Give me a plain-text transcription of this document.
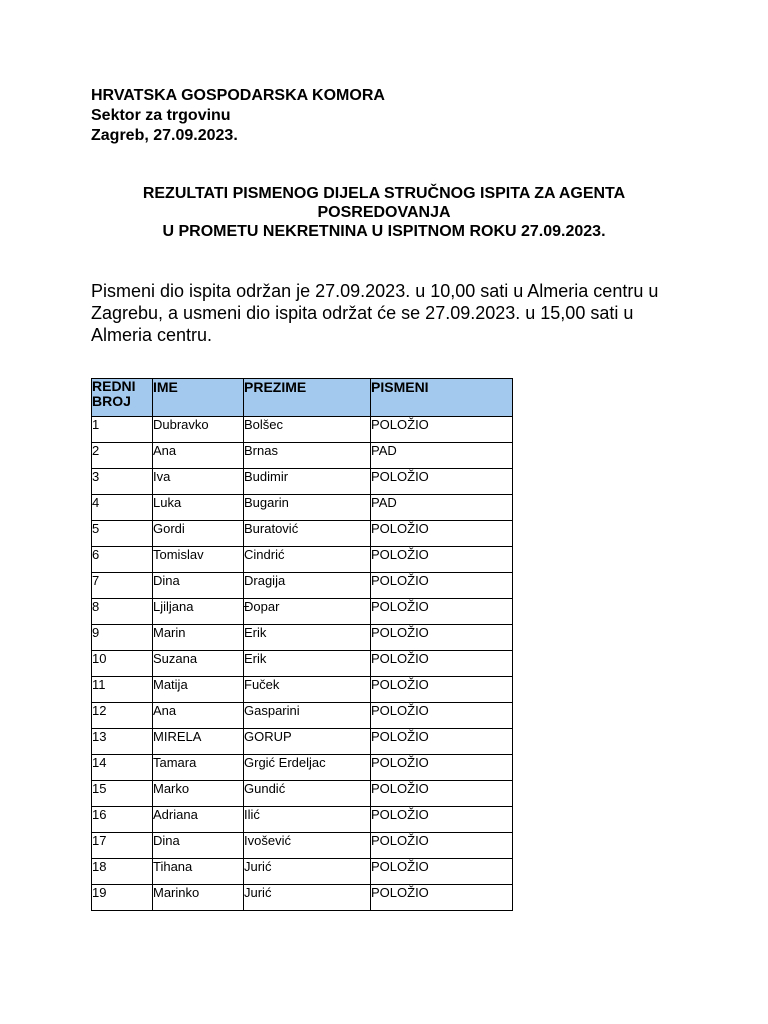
HRVATSKA GOSPODARSKA KOMORA
Sektor za trgovinu
Zagreb, 27.09.2023.
REZULTATI PISMENOG DIJELA STRUČNOG ISPITA ZA AGENTA POSREDOVANJA
U PROMETU NEKRETNINA U ISPITNOM ROKU 27.09.2023.
Pismeni dio ispita održan je 27.09.2023. u 10,00 sati u Almeria centru u Zagrebu, a usmeni dio ispita održat će se 27.09.2023. u 15,00 sati u Almeria centru.
REDNI
BROJ	IME	PREZIME	PISMENI
1	Dubravko	Bolšec	POLOŽIO
2	Ana	Brnas	PAD
3	Iva	Budimir	POLOŽIO
4	Luka	Bugarin	PAD
5	Gordi	Buratović	POLOŽIO
6	Tomislav	Cindrić	POLOŽIO
7	Dina	Dragija	POLOŽIO
8	Ljiljana	Đopar	POLOŽIO
9	Marin	Erik	POLOŽIO
10	Suzana	Erik	POLOŽIO
11	Matija	Fuček	POLOŽIO
12	Ana	Gasparini	POLOŽIO
13	MIRELA	GORUP	POLOŽIO
14	Tamara	Grgić Erdeljac	POLOŽIO
15	Marko	Gundić	POLOŽIO
16	Adriana	Ilić	POLOŽIO
17	Dina	Ivošević	POLOŽIO
18	Tihana	Jurić	POLOŽIO
19	Marinko	Jurić	POLOŽIO
